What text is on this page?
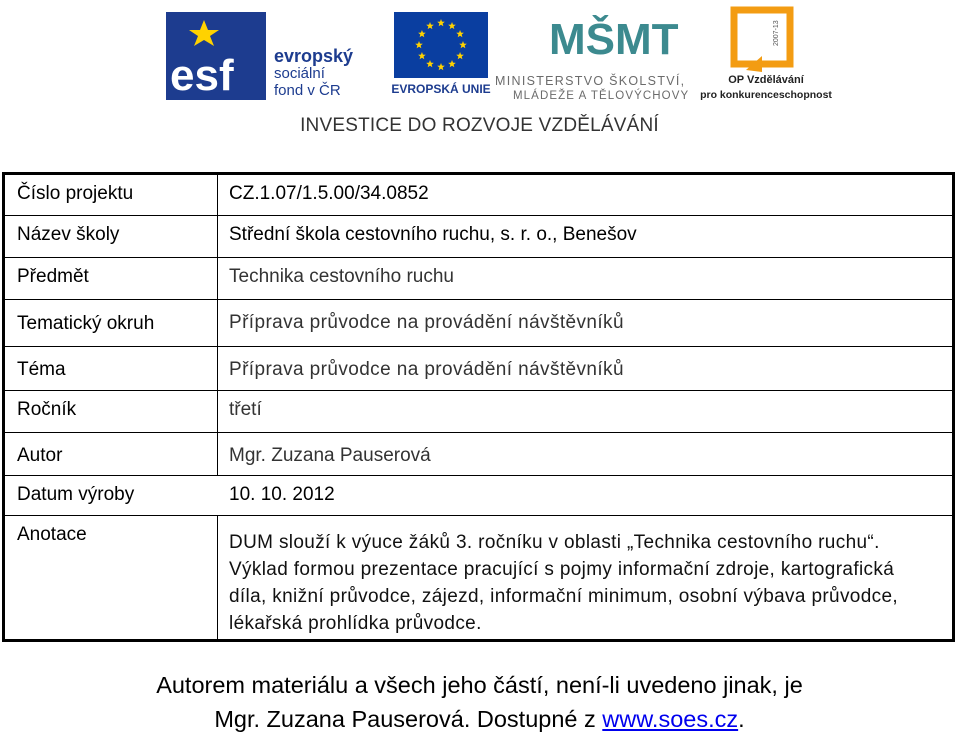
esf evropský
sociální
fond v ČR	EVROPSKÁ UNIE
MŠMT
MINISTERSTVO ŠKOLSTVÍ,
MLÁDEŽE A TĚLOVÝCHOVY
2007-13
OP Vzdělávání
pro konkurenceschopnost
INVESTICE DO ROZVOJE VZDĚLÁVÁNÍ
Číslo projektu	CZ.1.07/1.5.00/34.0852
Název školy	Střední škola cestovního ruchu, s. r. o., Benešov
Předmět	Technika cestovního ruchu
Tematický okruh	Příprava průvodce na provádění návštěvníků
Téma	Příprava průvodce na provádění návštěvníků
Ročník	třetí
Autor	Mgr. Zuzana Pauserová
Datum výroby	10. 10. 2012
Anotace	DUM slouží k výuce žáků 3. ročníku v oblasti „Technika cestovního ruchu“. Výklad formou prezentace pracující s pojmy informační zdroje, kartografická díla, knižní průvodce, zájezd, informační minimum, osobní výbava průvodce, lékařská prohlídka průvodce.
Autorem materiálu a všech jeho částí, není-li uvedeno jinak, je
Mgr. Zuzana Pauserová. Dostupné z www.soes.cz.
